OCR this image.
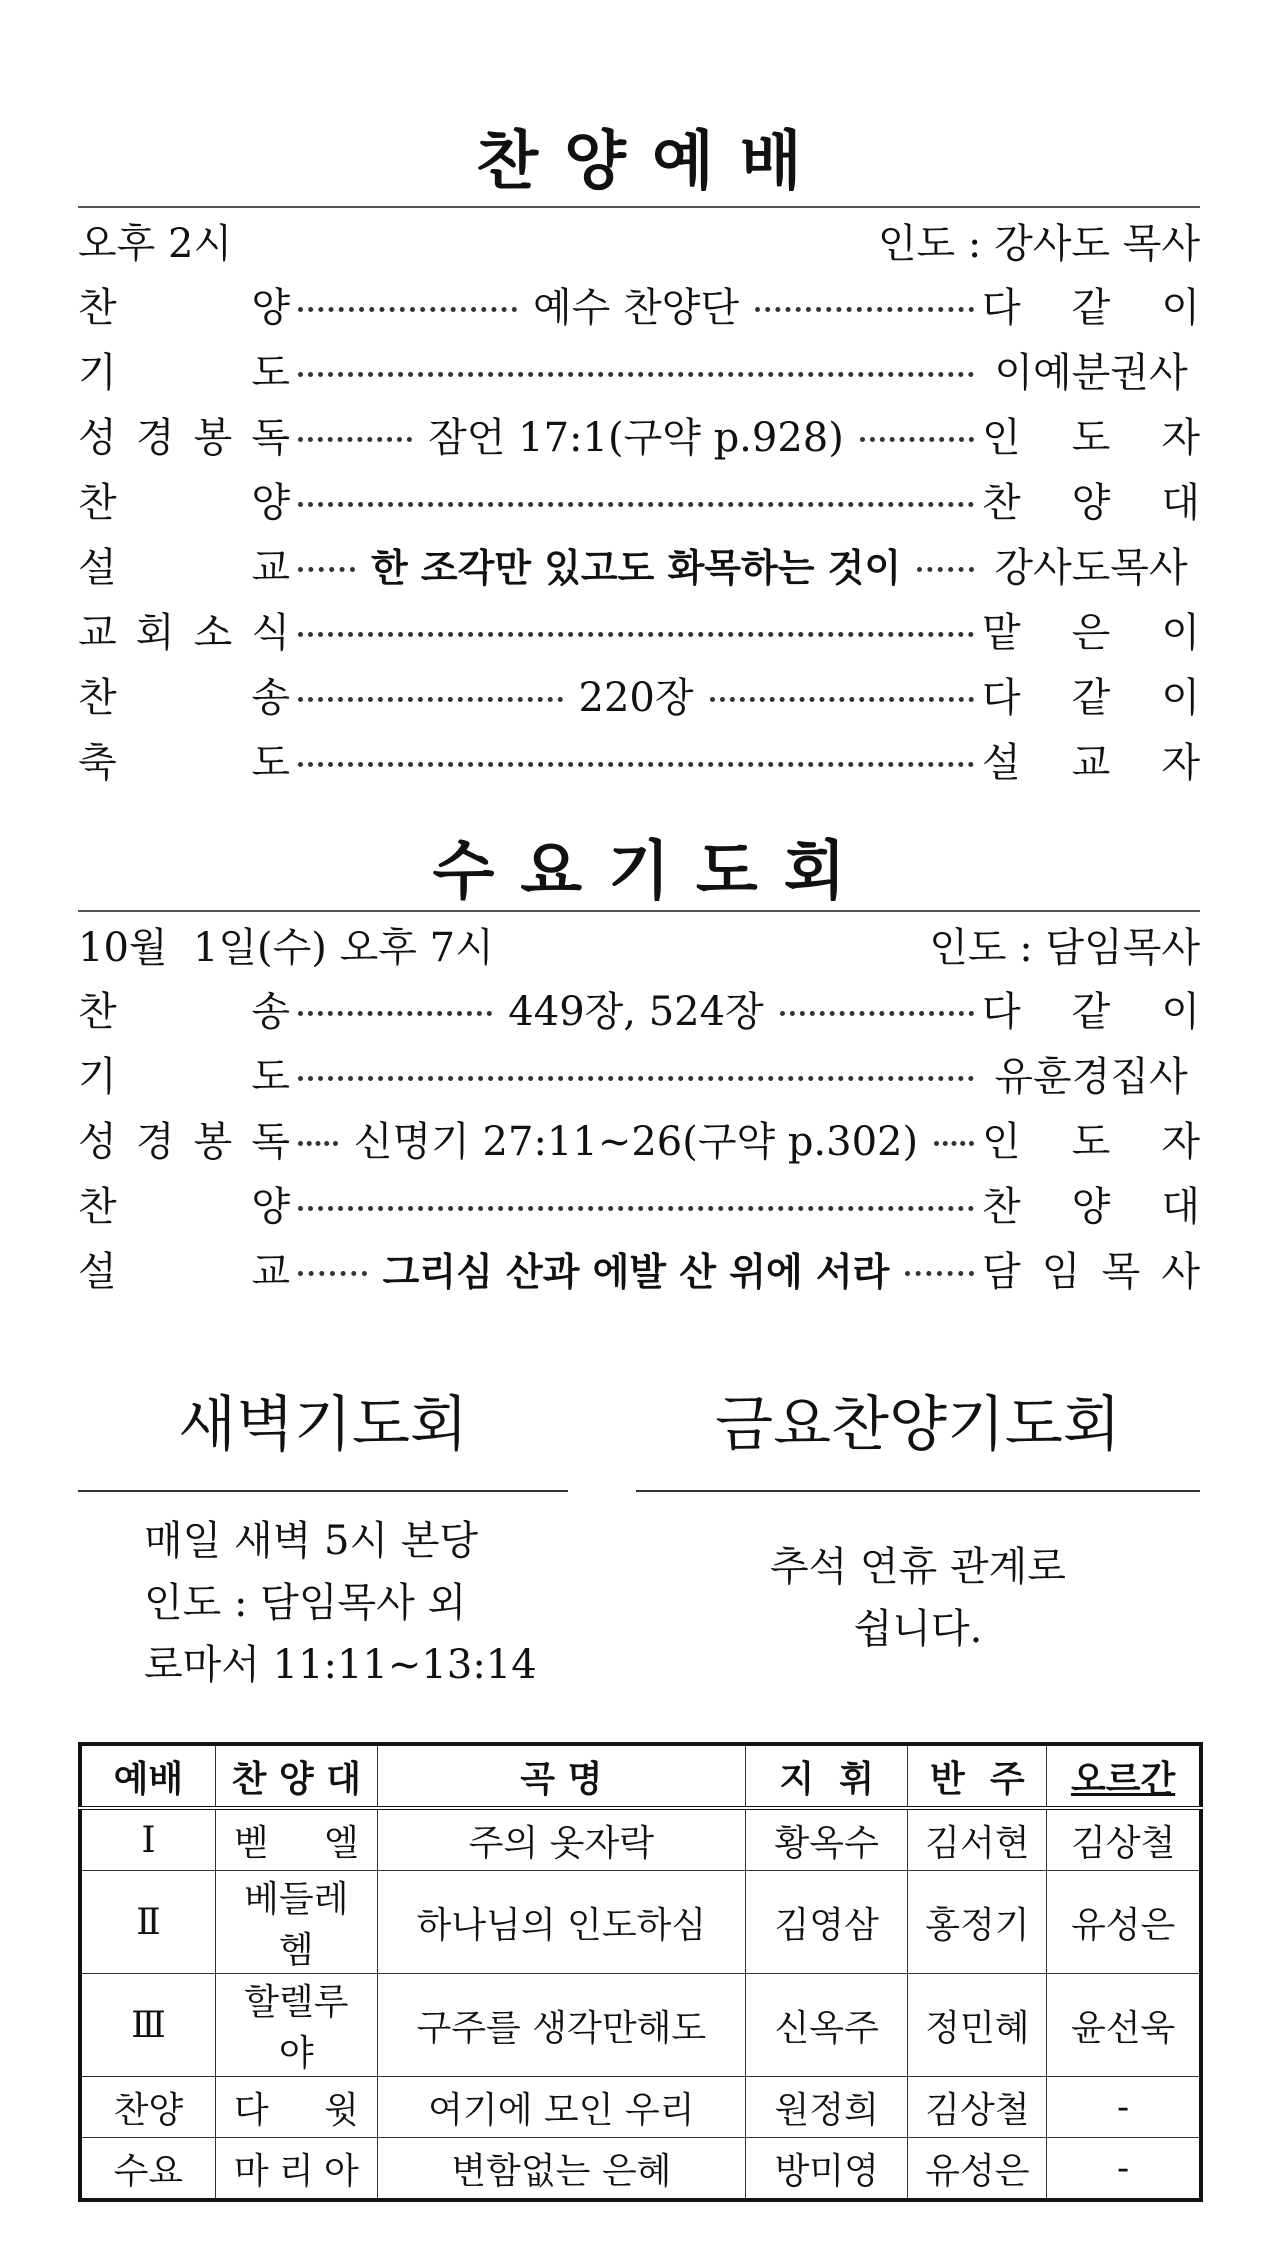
찬양예배
오후 2시	인도 : 강사도 목사
찬	양	예수 찬양단	다 같 이
기	도	이예분권사
성 경 봉 독	잠언 17:1(구약 p.928)	인 도 자
찬	양	찬 양 대
설	교	한 조각만 있고도 화목하는 것이	강사도목사
교 회 소 식	맡 은 이
찬	송	220장	다 같 이
축	도	설 교 자
수요기도회
10월  1일(수) 오후 7시	인도 : 담임목사
찬	송	449장, 524장	다 같 이
기	도	유훈경집사
성 경 봉 독	신명기 27:11~26(구약 p.302)	인 도 자
찬	양	찬 양 대
설	교	그리심 산과 에발 산 위에 서라	담 임 목 사
새벽기도회
매일 새벽 5시 본당
인도 : 담임목사 외
로마서 11:11~13:14
금요찬양기도회
추석 연휴 관계로
쉽니다.
예배	찬 양 대	곡 명	지  휘	반  주	오르간
Ⅰ	벧 엘	주의 옷자락	황옥수	김서현	김상철
Ⅱ	베들레헴	하나님의 인도하심	김영삼	홍정기	유성은
Ⅲ	할렐루야	구주를 생각만해도	신옥주	정민혜	윤선욱
찬양	다 윗	여기에 모인 우리	원정희	김상철	-
수요	마 리 아	변함없는 은혜	방미영	유성은	-
